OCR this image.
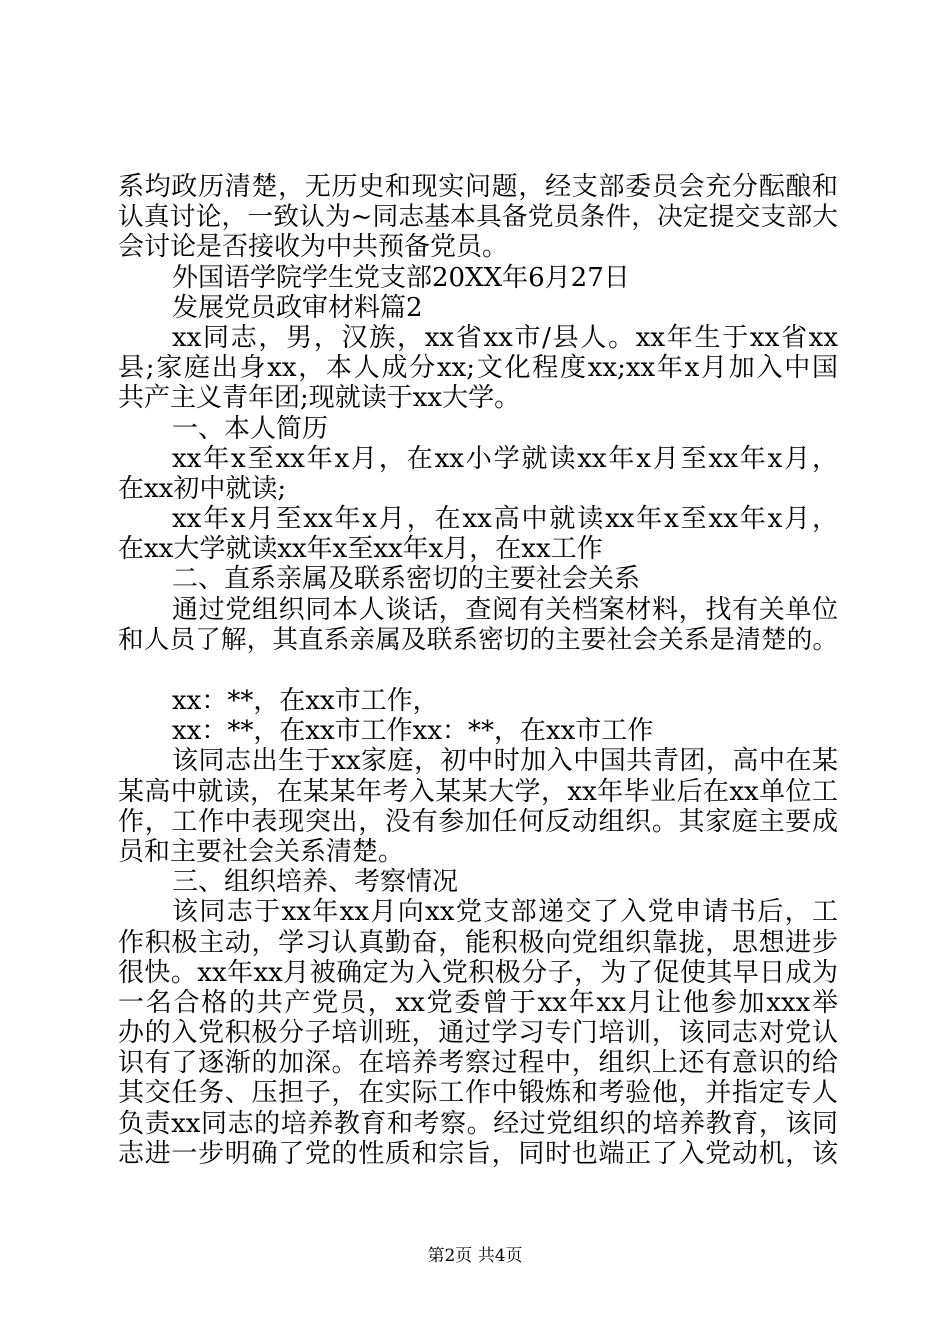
系均政历清楚，无历史和现实问题，经支部委员会充分酝酿和
认真讨论，一致认为~同志基本具备党员条件，决定提交支部大
会讨论是否接收为中共预备党员。
外国语学院学生党支部20XX年6月27日
发展党员政审材料篇2
xx同志，男，汉族，xx省xx市/县人。xx年生于xx省xx
县;家庭出身xx，本人成分xx;文化程度xx;xx年x月加入中国
共产主义青年团;现就读于xx大学。
一、本人简历
xx年x至xx年x月，在xx小学就读xx年x月至xx年x月，
在xx初中就读;
xx年x月至xx年x月，在xx高中就读xx年x至xx年x月，
在xx大学就读xx年x至xx年x月，在xx工作
二、直系亲属及联系密切的主要社会关系
通过党组织同本人谈话，查阅有关档案材料，找有关单位
和人员了解，其直系亲属及联系密切的主要社会关系是清楚的。
xx：**，在xx市工作，
xx：**，在xx市工作xx：**，在xx市工作
该同志出生于xx家庭，初中时加入中国共青团，高中在某
某高中就读，在某某年考入某某大学，xx年毕业后在xx单位工
作，工作中表现突出，没有参加任何反动组织。其家庭主要成
员和主要社会关系清楚。
三、组织培养、考察情况
该同志于xx年xx月向xx党支部递交了入党申请书后，工
作积极主动，学习认真勤奋，能积极向党组织靠拢，思想进步
很快。xx年xx月被确定为入党积极分子，为了促使其早日成为
一名合格的共产党员，xx党委曾于xx年xx月让他参加xxx举
办的入党积极分子培训班，通过学习专门培训，该同志对党认
识有了逐渐的加深。在培养考察过程中，组织上还有意识的给
其交任务、压担子，在实际工作中锻炼和考验他，并指定专人
负责xx同志的培养教育和考察。经过党组织的培养教育，该同
志进一步明确了党的性质和宗旨，同时也端正了入党动机，该
第2页 共4页
